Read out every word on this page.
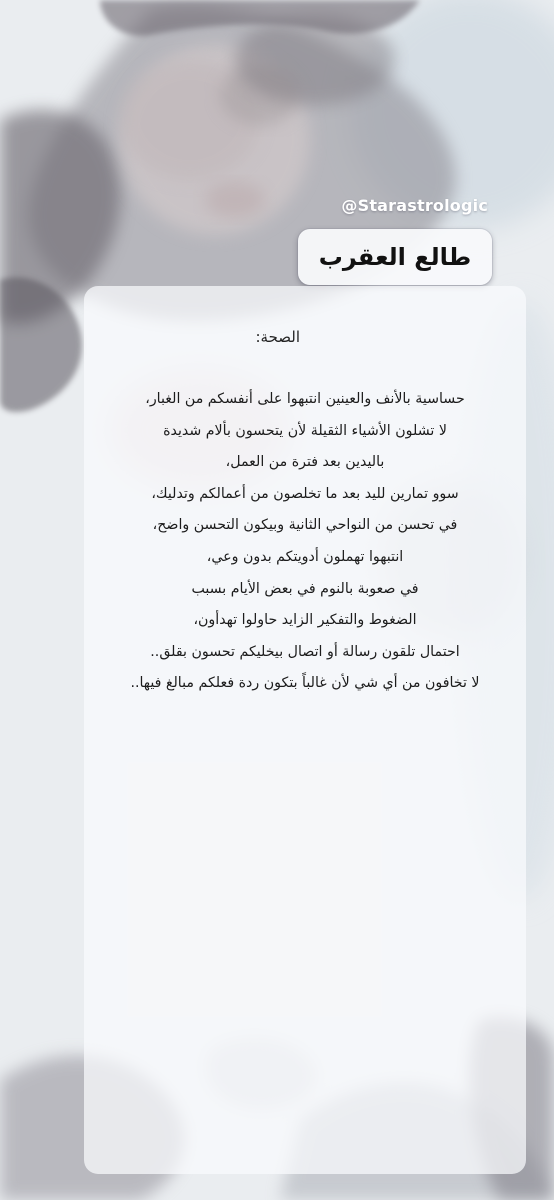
@Starastrologic
طالع العقرب
الصحة:
حساسية بالأنف والعينين انتبهوا على أنفسكم من الغبار،
لا تشلون الأشياء الثقيلة لأن يتحسون بألام شديدة
باليدين بعد فترة من العمل،
سوو تمارين لليد بعد ما تخلصون من أعمالكم وتدليك،
في تحسن من النواحي الثانية وبيكون التحسن واضح،
انتبهوا تهملون أدويتكم بدون وعي،
في صعوبة بالنوم في بعض الأيام بسبب
الضغوط والتفكير الزايد حاولوا تهدأون،
احتمال تلقون رسالة أو اتصال بيخليكم تحسون بقلق..
لا تخافون من أي شي لأن غالباً بتكون ردة فعلكم مبالغ فيها..
